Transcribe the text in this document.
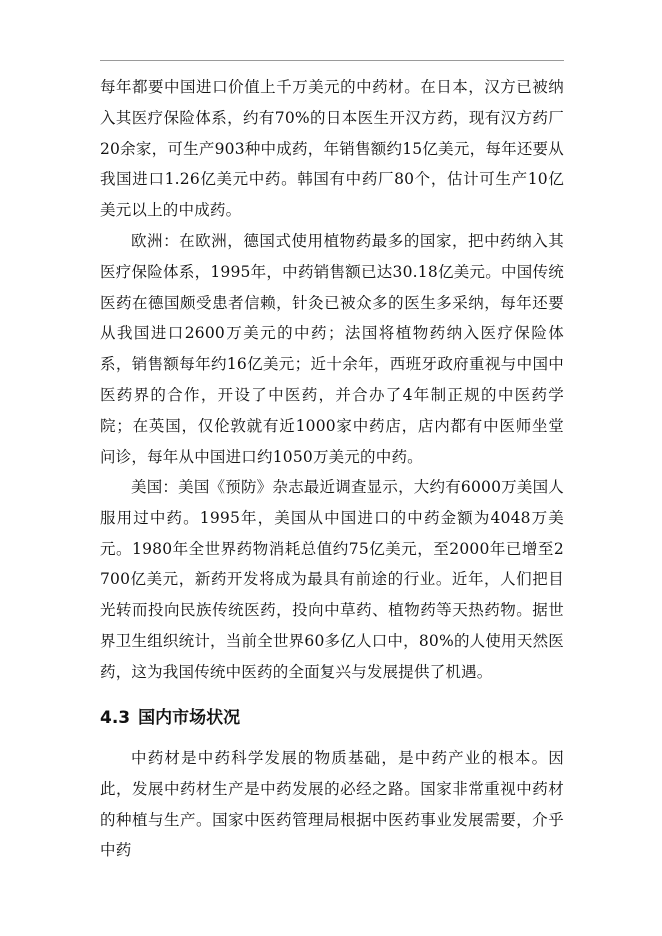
每年都要中国进口价值上千万美元的中药材。在日本，汉方已被纳入其医疗保险体系，约有70%的日本医生开汉方药，现有汉方药厂20余家，可生产903种中成药，年销售额约15亿美元，每年还要从我国进口1.26亿美元中药。韩国有中药厂80个，估计可生产10亿美元以上的中成药。

欧洲：在欧洲，德国式使用植物药最多的国家，把中药纳入其医疗保险体系，1995年，中药销售额已达30.18亿美元。中国传统医药在德国颇受患者信赖，针灸已被众多的医生多采纳，每年还要从我国进口2600万美元的中药；法国将植物药纳入医疗保险体系，销售额每年约16亿美元；近十余年，西班牙政府重视与中国中医药界的合作，开设了中医药，并合办了4年制正规的中医药学院；在英国，仅伦敦就有近1000家中药店，店内都有中医师坐堂问诊，每年从中国进口约1050万美元的中药。

美国：美国《预防》杂志最近调查显示，大约有6000万美国人服用过中药。1995年，美国从中国进口的中药金额为4048万美元。1980年全世界药物消耗总值约75亿美元，至2000年已增至2700亿美元，新药开发将成为最具有前途的行业。近年，人们把目光转而投向民族传统医药，投向中草药、植物药等天热药物。据世界卫生组织统计，当前全世界60多亿人口中，80%的人使用天然医药，这为我国传统中医药的全面复兴与发展提供了机遇。

4.3 国内市场状况

中药材是中药科学发展的物质基础，是中药产业的根本。因此，发展中药材生产是中药发展的必经之路。国家非常重视中药材的种植与生产。国家中医药管理局根据中医药事业发展需要，介乎中药
